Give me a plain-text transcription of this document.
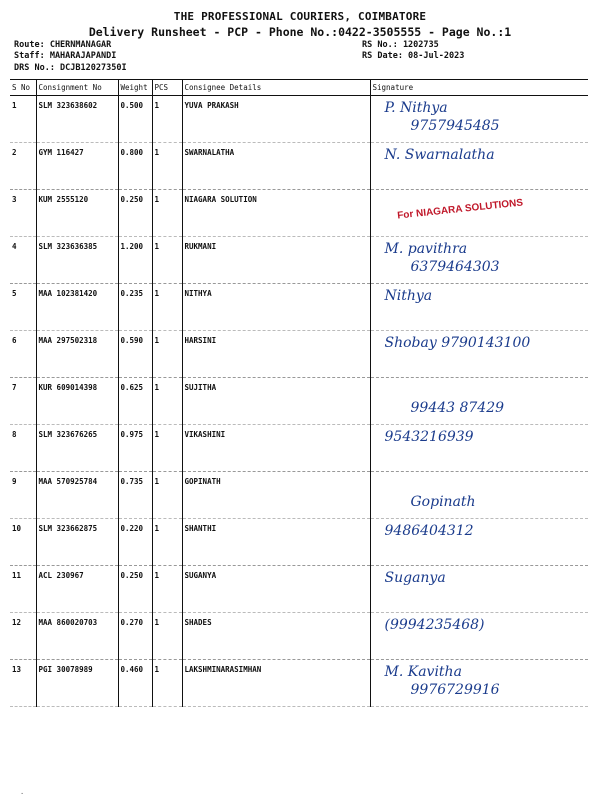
THE PROFESSIONAL COURIERS, COIMBATORE
Delivery Runsheet - PCP - Phone No.:0422-3505555 - Page No.:1
Route: CHERNMANAGAR
Staff: MAHARAJAPANDI
DRS No.: DCJB12027350I
RS No.: 1202735
RS Date: 08-Jul-2023
S No	Consignment No	Weight	PCS	Consignee Details	Signature
1	SLM 323638602	0.500	1	YUVA PRAKASH	P. Nithya
9757945485

2	GYM 116427	0.800	1	SWARNALATHA	N. Swarnalatha

3	KUM 2555120	0.250	1	NIAGARA SOLUTION	For NIAGARA SOLUTIONS

4	SLM 323636385	1.200	1	RUKMANI	M. pavithra
6379464303

5	MAA 102381420	0.235	1	NITHYA	Nithya

6	MAA 297502318	0.590	1	HARSINI	Shobay 9790143100

7	KUR 609014398	0.625	1	SUJITHA	99443 87429

8	SLM 323676265	0.975	1	VIKASHINI	9543216939

9	MAA 570925784	0.735	1	GOPINATH	Gopinath

10	SLM 323662875	0.220	1	SHANTHI	9486404312

11	ACL 230967	0.250	1	SUGANYA	Suganya

12	MAA 860020703	0.270	1	SHADES	(9994235468)

13	PGI 30078989	0.460	1	LAKSHMINARASIMHAN	M. Kavitha
9976729916
·
